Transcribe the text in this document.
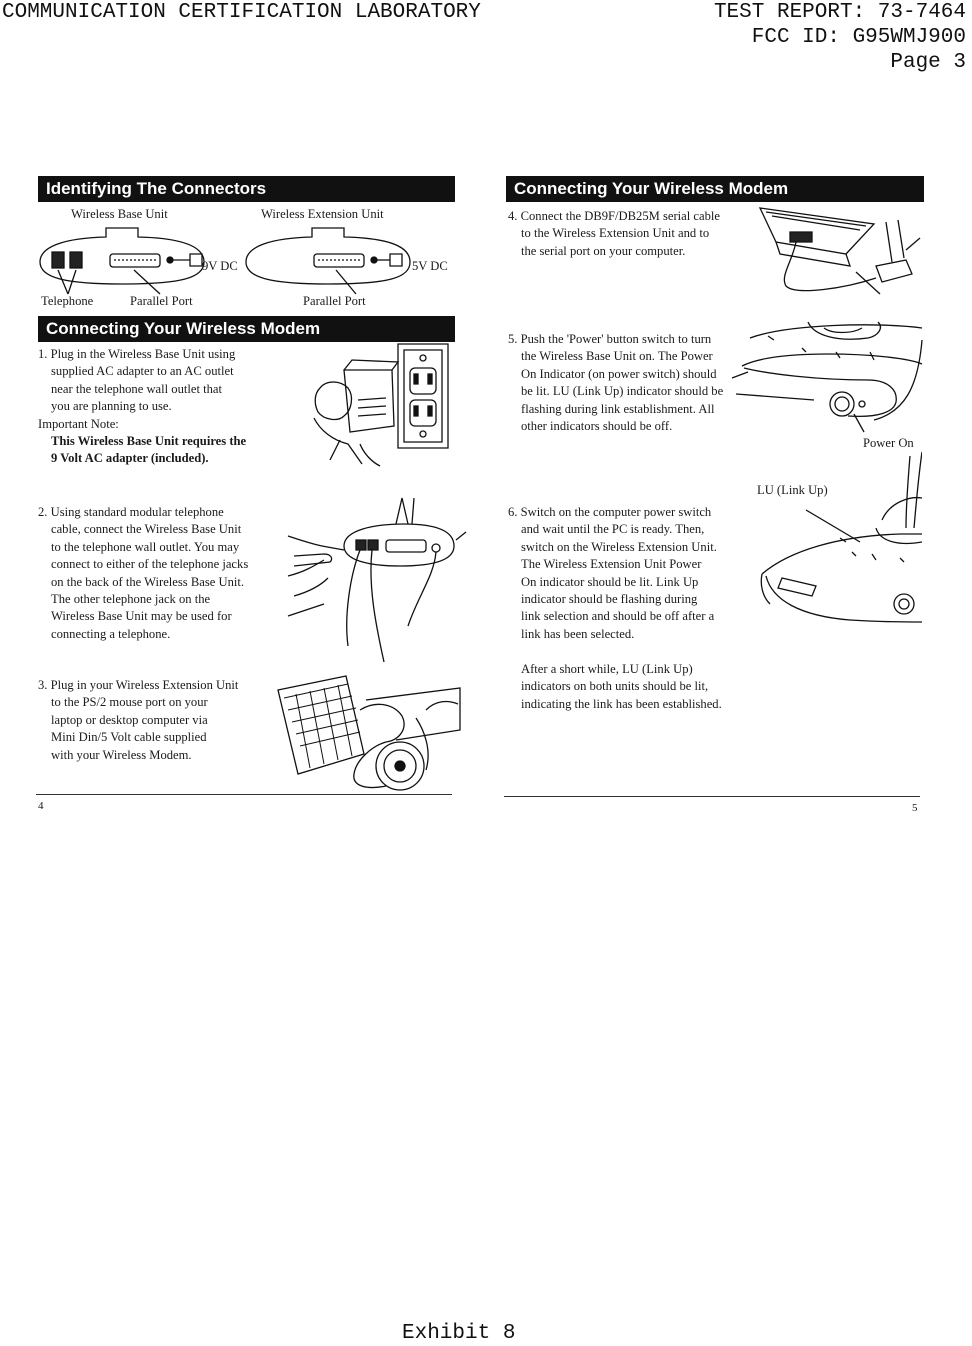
COMMUNICATION CERTIFICATION LABORATORY	TEST REPORT: 73-7464
FCC ID: G95WMJ900
Page 3
Identifying The Connectors
Wireless Base Unit	Wireless Extension Unit
9V DC	5V DC
Telephone	Parallel Port	Parallel Port
Connecting Your Wireless Modem
1. Plug in the Wireless Base Unit using
supplied AC adapter to an AC outlet
near the telephone wall outlet that
you are planning to use.
Important Note:
This Wireless Base Unit requires the
9 Volt AC adapter (included).
2. Using standard modular telephone
cable, connect the Wireless Base Unit
to the telephone wall outlet. You may
connect to either of the telephone jacks
on the back of the Wireless Base Unit.
The other telephone jack on the
Wireless Base Unit may be used for
connecting a telephone.
3. Plug in your Wireless Extension Unit
to the PS/2 mouse port on your
laptop or desktop computer via
Mini Din/5 Volt cable supplied
with your Wireless Modem.
4
Connecting Your Wireless Modem
4. Connect the DB9F/DB25M serial cable
to the Wireless Extension Unit and to
the serial port on your computer.
5. Push the 'Power' button switch to turn
the Wireless Base Unit on. The Power
On Indicator (on power switch) should
be lit. LU (Link Up) indicator should be
flashing during link establishment. All
other indicators should be off.
Power On
LU (Link Up)
6. Switch on the computer power switch
and wait until the PC is ready. Then,
switch on the Wireless Extension Unit.
The Wireless Extension Unit Power
On indicator should be lit. Link Up
indicator should be flashing during
link selection and should be off after a
link has been selected.
After a short while, LU (Link Up)
indicators on both units should be lit,
indicating the link has been established.
5
Exhibit 8
